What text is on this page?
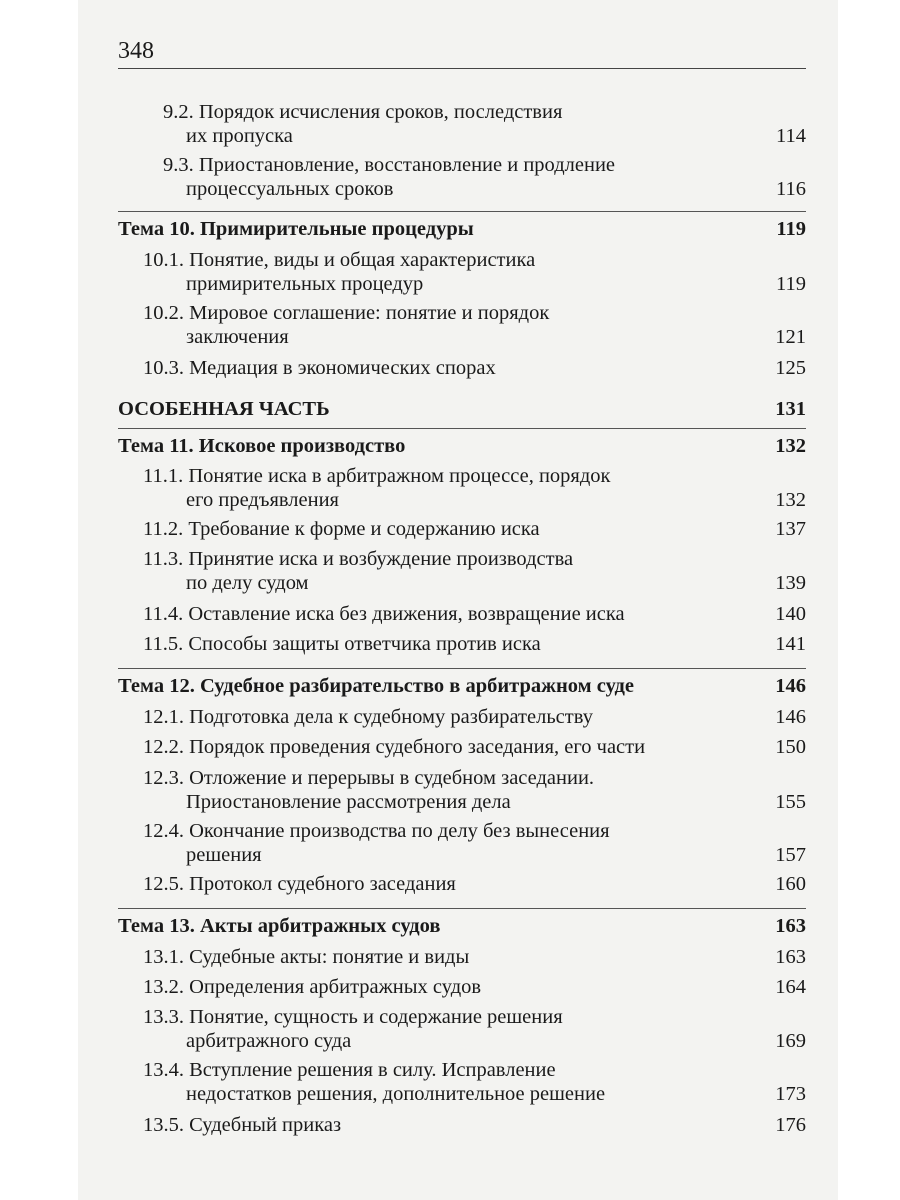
348
9.2. Порядок исчисления сроков, последствия
их пропуска	114
9.3. Приостановление, восстановление и продление
процессуальных сроков	116
Тема 10. Примирительные процедуры	119
10.1. Понятие, виды и общая характеристика
примирительных процедур	119
10.2. Мировое соглашение: понятие и порядок
заключения	121
10.3. Медиация в экономических спорах	125
ОСОБЕННАЯ ЧАСТЬ	131
Тема 11. Исковое производство	132
11.1. Понятие иска в арбитражном процессе, порядок
его предъявления	132
11.2. Требование к форме и содержанию иска	137
11.3. Принятие иска и возбуждение производства
по делу судом	139
11.4. Оставление иска без движения, возвращение иска	140
11.5. Способы защиты ответчика против иска	141
Тема 12. Судебное разбирательство в арбитражном суде	146
12.1. Подготовка дела к судебному разбирательству	146
12.2. Порядок проведения судебного заседания, его части	150
12.3. Отложение и перерывы в судебном заседании.
Приостановление рассмотрения дела	155
12.4. Окончание производства по делу без вынесения
решения	157
12.5. Протокол судебного заседания	160
Тема 13. Акты арбитражных судов	163
13.1. Судебные акты: понятие и виды	163
13.2. Определения арбитражных судов	164
13.3. Понятие, сущность и содержание решения
арбитражного суда	169
13.4. Вступление решения в силу. Исправление
недостатков решения, дополнительное решение	173
13.5. Судебный приказ	176
